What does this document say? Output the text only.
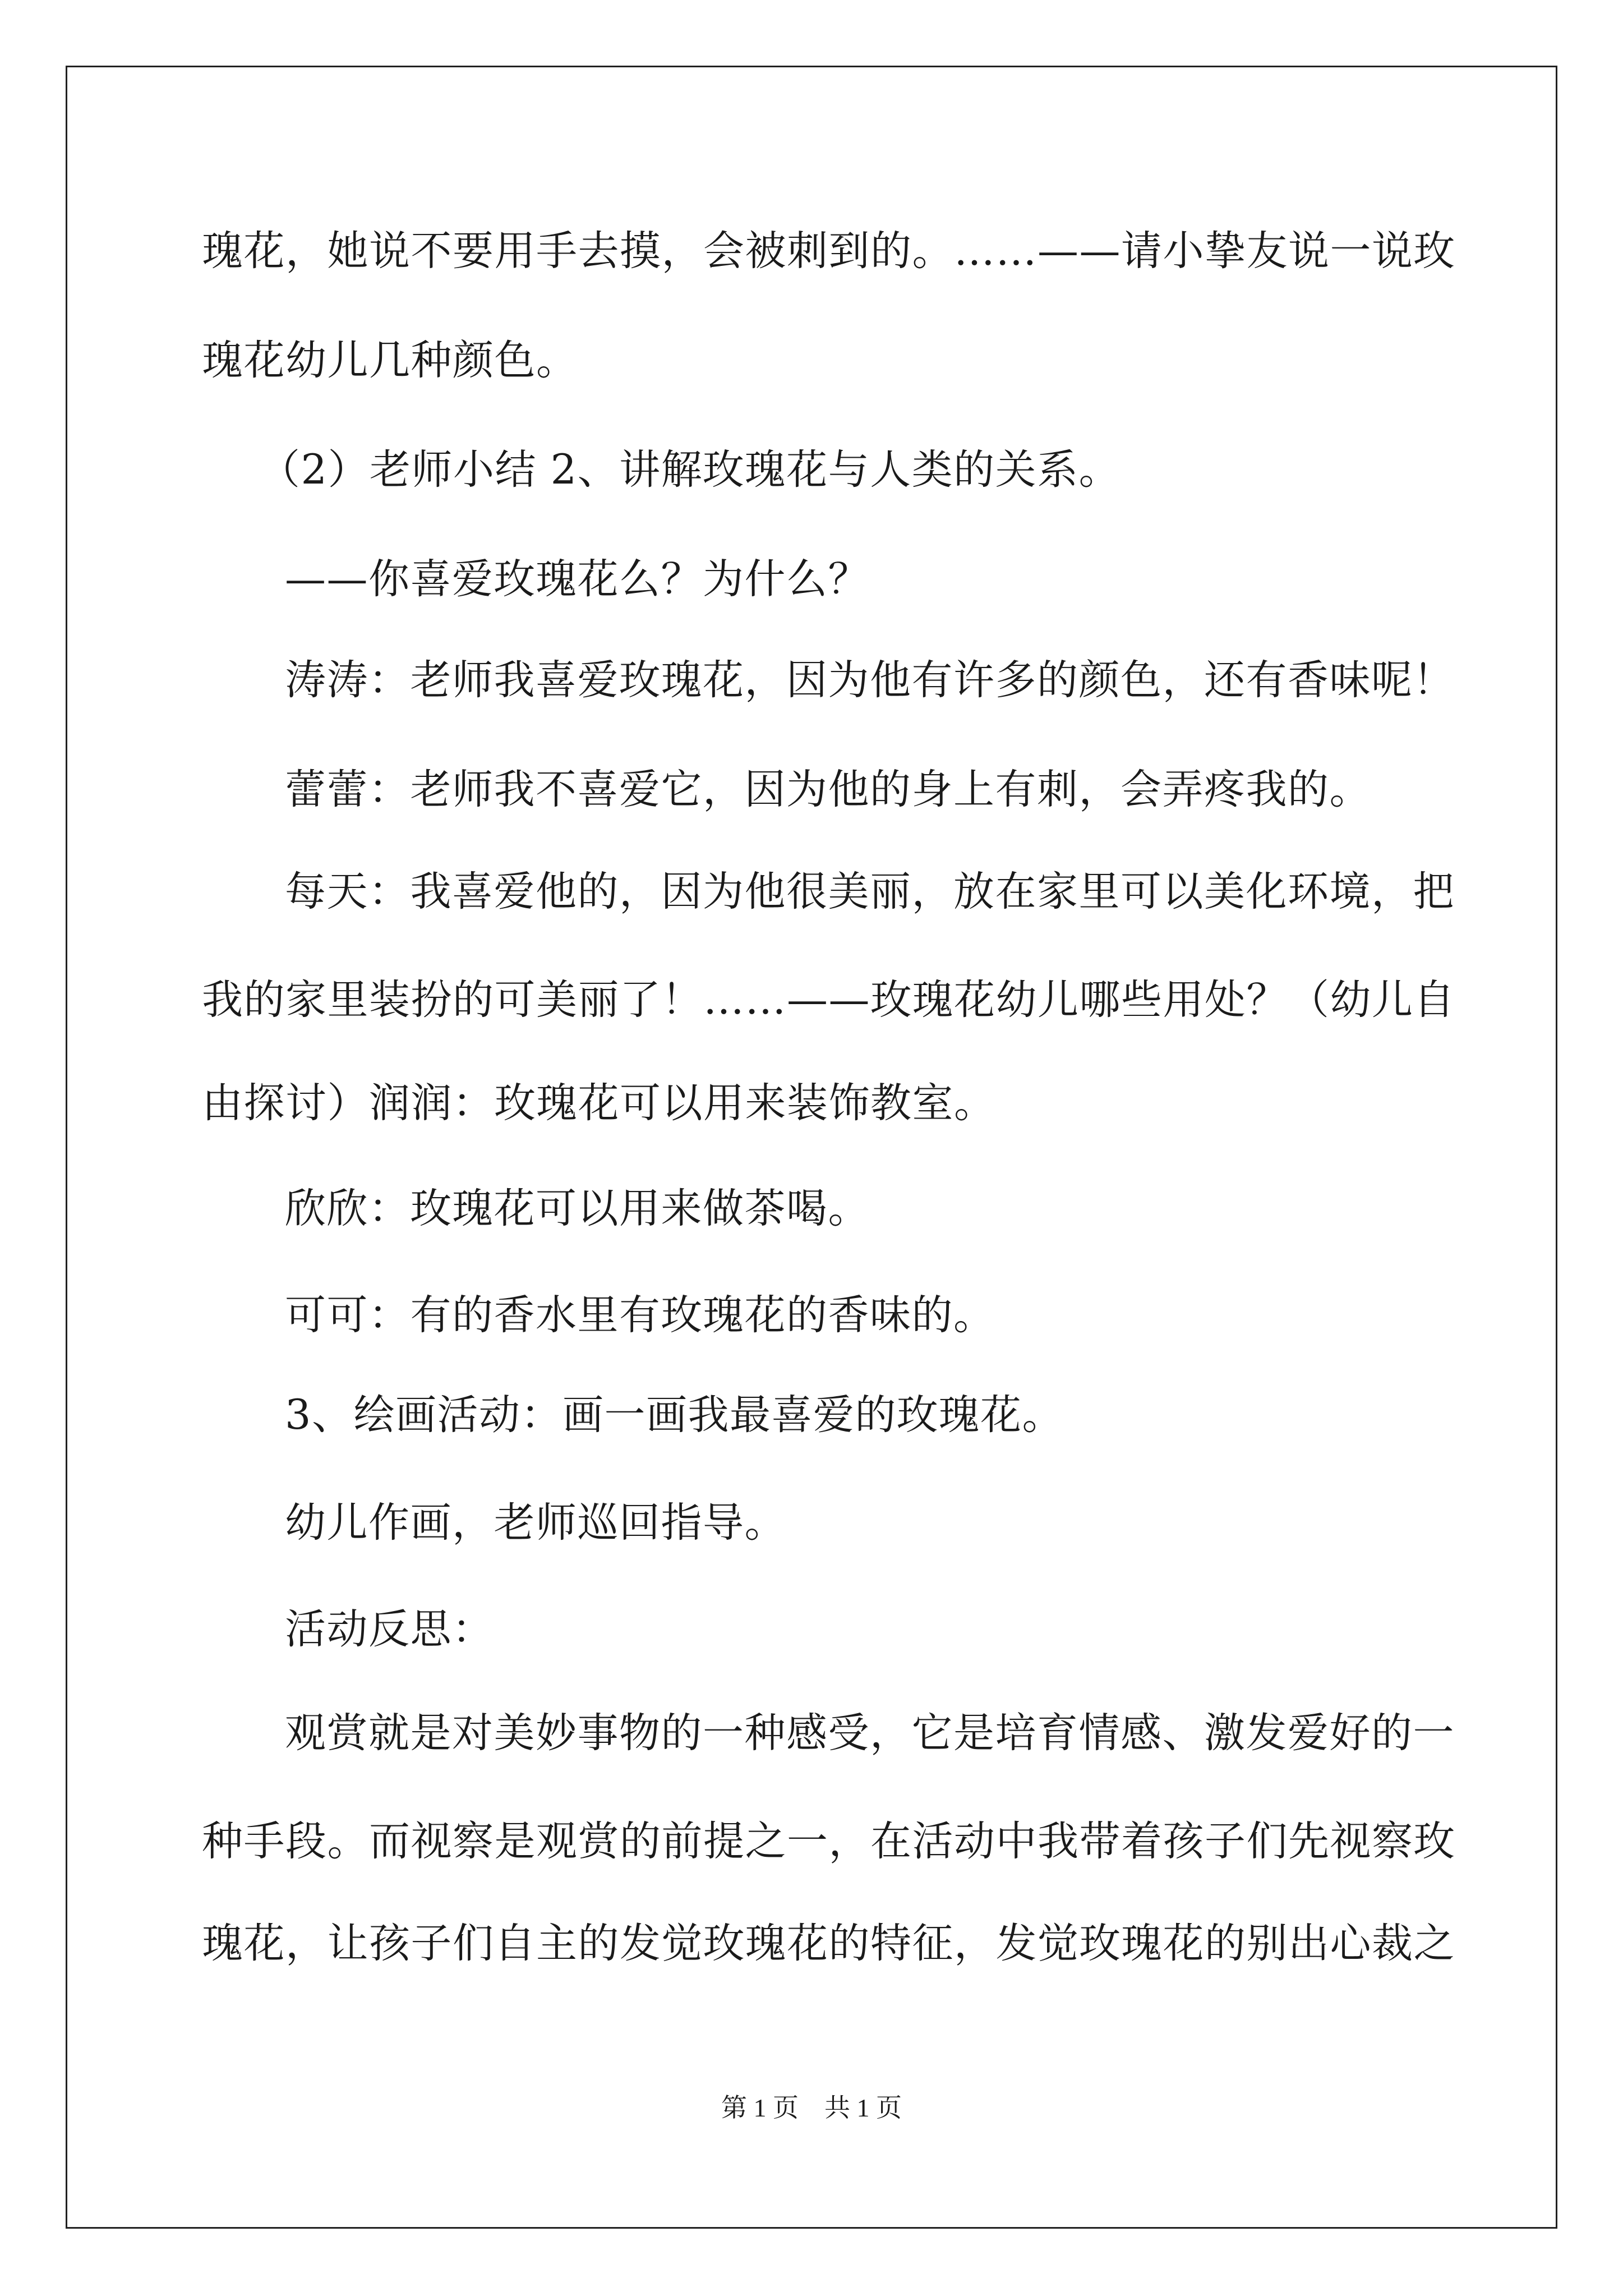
瑰花，她说不要用手去摸，会被刺到的。……——请小挚友说一说玫
瑰花幼儿几种颜色。
（2）老师小结 2、讲解玫瑰花与人类的关系。
——你喜爱玫瑰花么？为什么？
涛涛：老师我喜爱玫瑰花，因为他有许多的颜色，还有香味呢！
蕾蕾：老师我不喜爱它，因为他的身上有刺，会弄疼我的。
每天：我喜爱他的，因为他很美丽，放在家里可以美化环境，把
我的家里装扮的可美丽了！……——玫瑰花幼儿哪些用处？（幼儿自
由探讨）润润：玫瑰花可以用来装饰教室。
欣欣：玫瑰花可以用来做茶喝。
可可：有的香水里有玫瑰花的香味的。
3、绘画活动：画一画我最喜爱的玫瑰花。
幼儿作画，老师巡回指导。
活动反思：
观赏就是对美妙事物的一种感受，它是培育情感、激发爱好的一
种手段。而视察是观赏的前提之一，在活动中我带着孩子们先视察玫
瑰花，让孩子们自主的发觉玫瑰花的特征，发觉玫瑰花的别出心裁之
第 1 页　共 1 页
